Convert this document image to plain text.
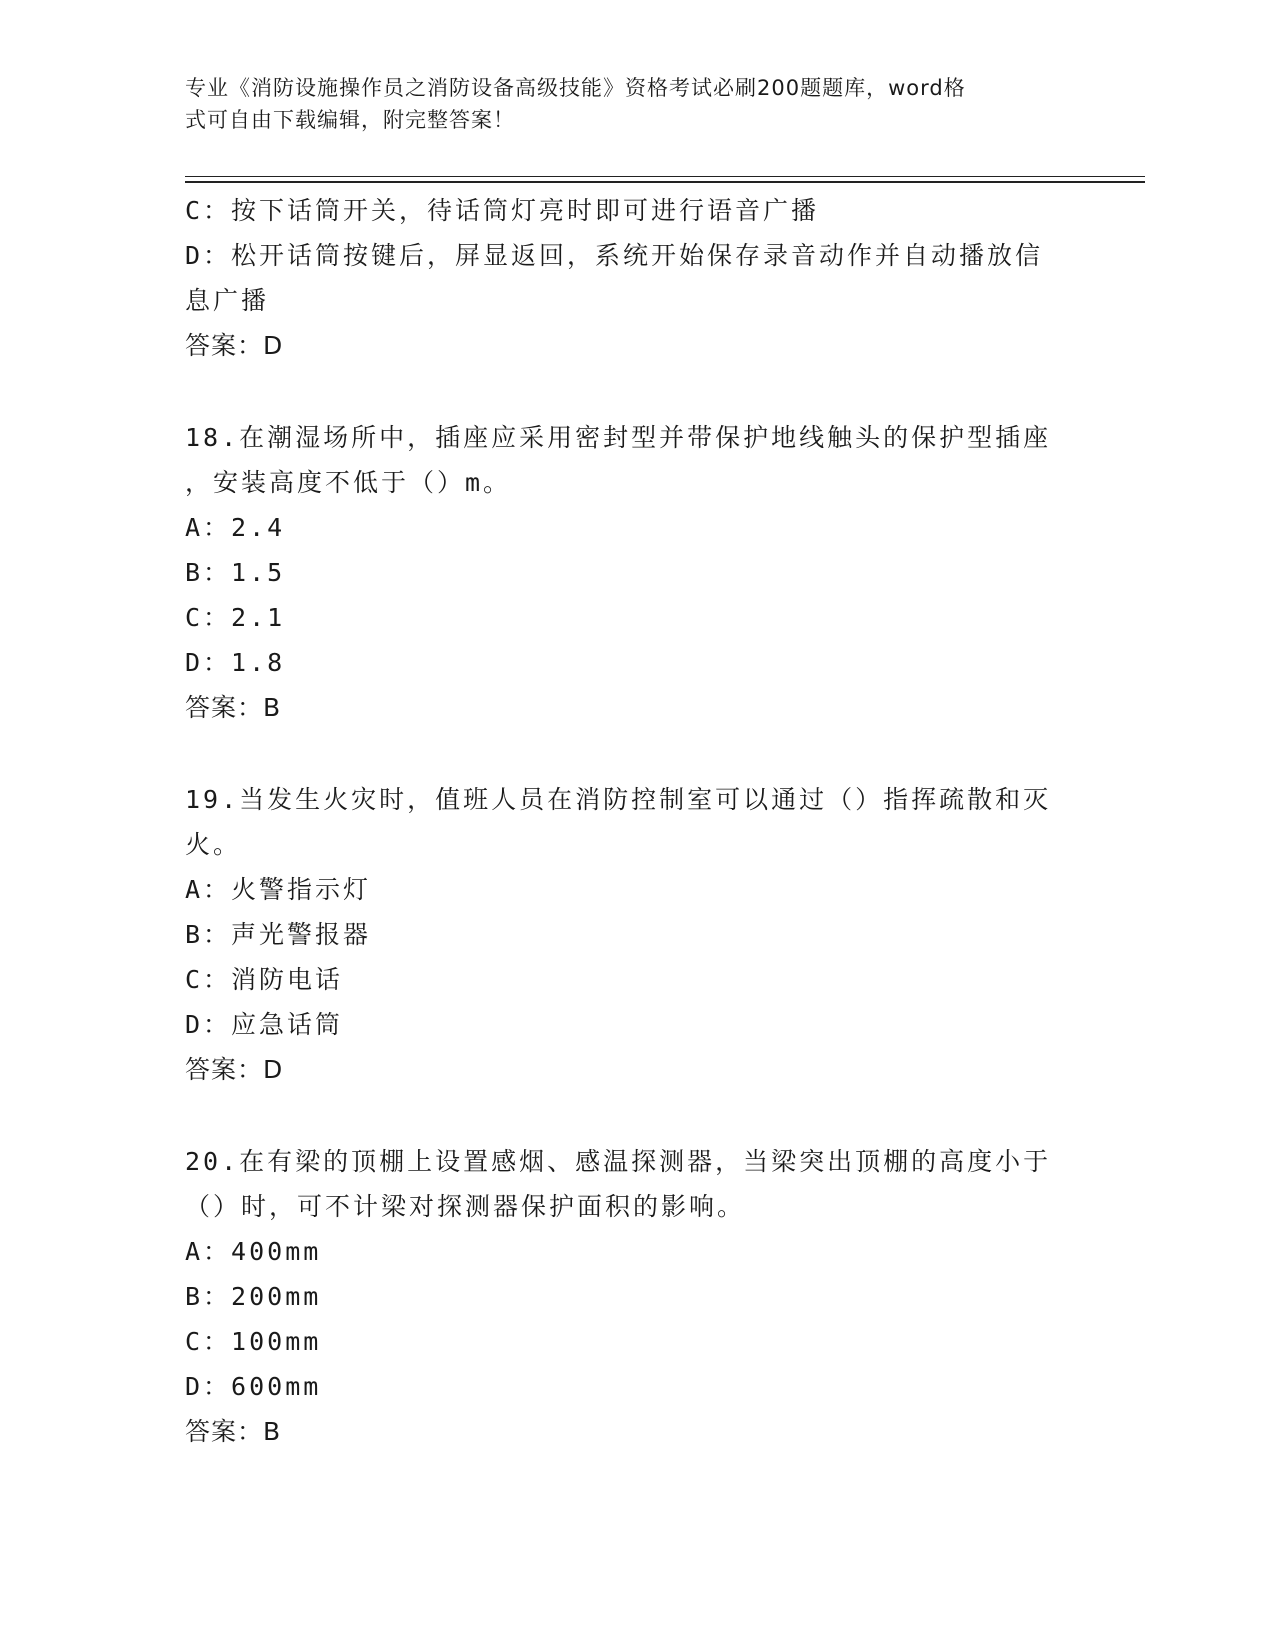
专业《消防设施操作员之消防设备高级技能》资格考试必刷200题题库，word格
式可自由下载编辑，附完整答案！

C：按下话筒开关，待话筒灯亮时即可进行语音广播

D：松开话筒按键后，屏显返回，系统开始保存录音动作并自动播放信

息广播

答案：D

18.在潮湿场所中，插座应采用密封型并带保护地线触头的保护型插座

，安装高度不低于（）m。

A：2.4

B：1.5

C：2.1

D：1.8

答案：B

19.当发生火灾时，值班人员在消防控制室可以通过（）指挥疏散和灭

火。

A：火警指示灯

B：声光警报器

C：消防电话

D：应急话筒

答案：D

20.在有梁的顶棚上设置感烟、感温探测器，当梁突出顶棚的高度小于

（）时，可不计梁对探测器保护面积的影响。

A：400mm

B：200mm

C：100mm

D：600mm

答案：B
